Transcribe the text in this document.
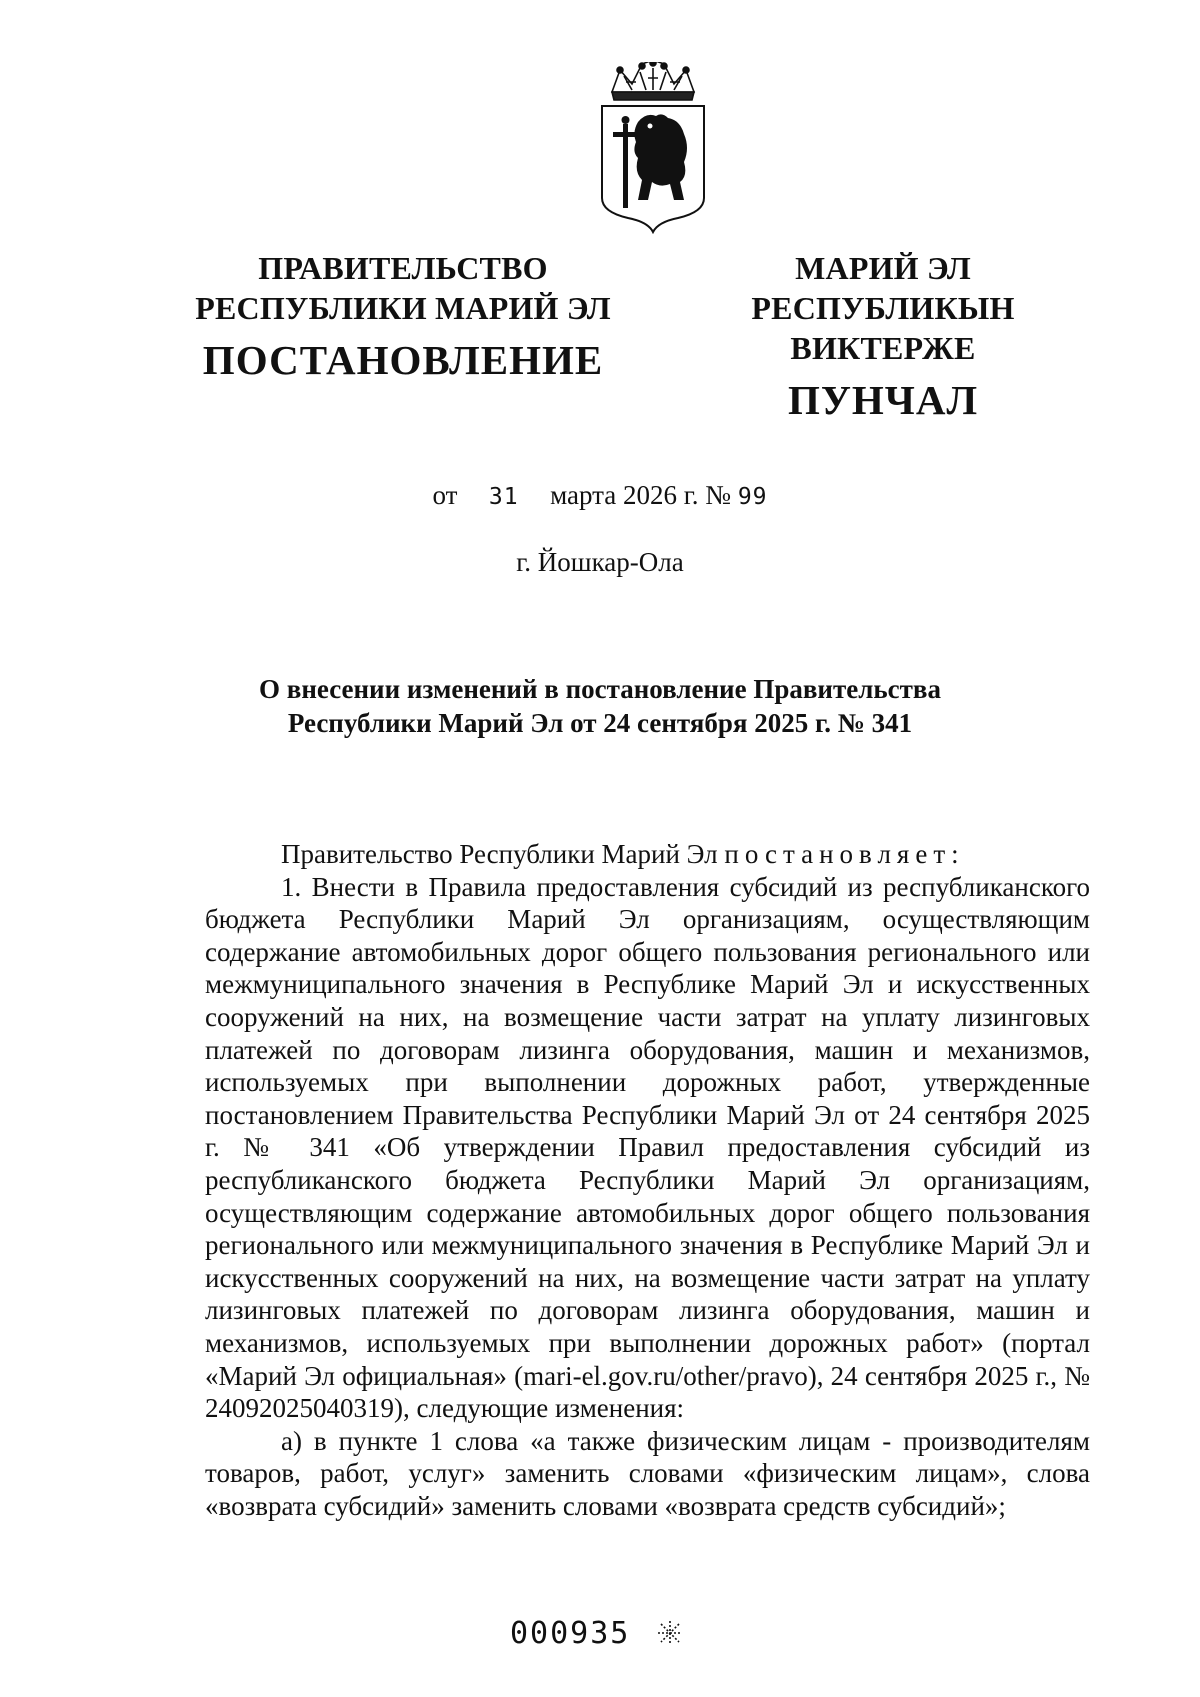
ПРАВИТЕЛЬСТВО
РЕСПУБЛИКИ МАРИЙ ЭЛ
ПОСТАНОВЛЕНИЕ
МАРИЙ ЭЛ РЕСПУБЛИКЫН
ВИКТЕРЖЕ
ПУНЧАЛ
от 31 марта 2026 г. № 99
г. Йошкар-Ола
О внесении изменений в постановление Правительства
Республики Марий Эл от 24 сентября 2025 г. № 341

Правительство Республики Марий Эл постановляет:

1. Внести в Правила предоставления субсидий из республиканского бюджета Республики Марий Эл организациям, осуществляющим содержание автомобильных дорог общего пользования регионального или межмуниципального значения в Республике Марий Эл и искусственных сооружений на них, на возмещение части затрат на уплату лизинговых платежей по договорам лизинга оборудования, машин и механизмов, используемых при выполнении дорожных работ, утвержденные постановлением Правительства Республики Марий Эл от 24 сентября 2025 г. № 341 «Об утверждении Правил предоставления субсидий из республиканского бюджета Республики Марий Эл организациям, осуществляющим содержание автомобильных дорог общего пользования регионального или межмуниципального значения в Республике Марий Эл и искусственных сооружений на них, на возмещение части затрат на уплату лизинговых платежей по договорам лизинга оборудования, машин и механизмов, используемых при выполнении дорожных работ» (портал «Марий Эл официальная» (mari-el.gov.ru/other/pravo), 24 сентября 2025 г., № 24092025040319), следующие изменения:

а) в пункте 1 слова «а также физическим лицам - производителям товаров, работ, услуг» заменить словами «физическим лицам», слова «возврата субсидий» заменить словами «возврата средств субсидий»;

000935
